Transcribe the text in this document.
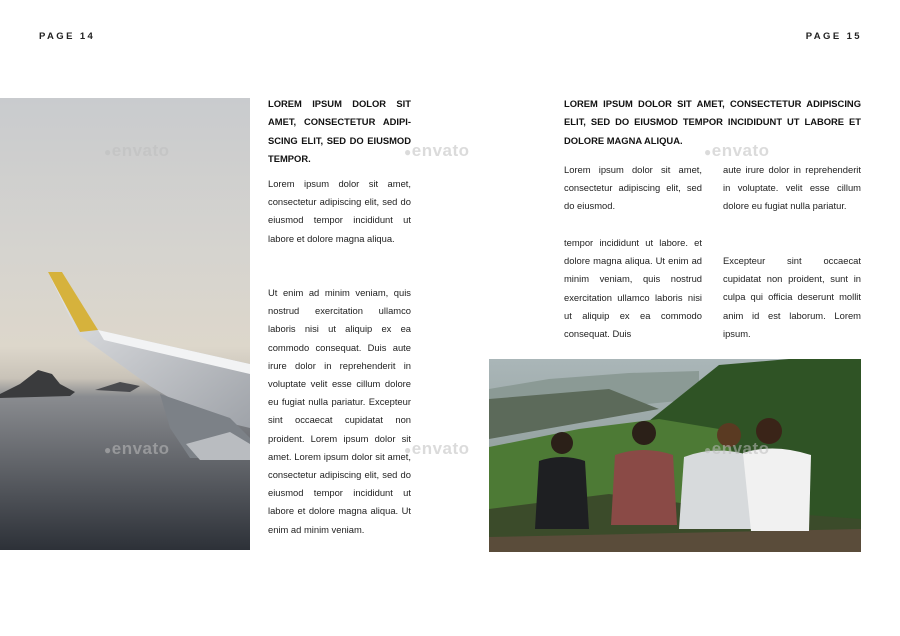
PAGE 14	PAGE 15
● envato	● envato	● envato
● envato	● envato	● envato
LOREM IPSUM DOLOR SIT AMET, CONSECTETUR ADIPI-SCING ELIT, SED DO EIUSMOD TEMPOR.

Lorem ipsum dolor sit amet, consectetur adipiscing elit, sed do eiusmod tempor incididunt ut labore et dolore magna aliqua.

Ut enim ad minim veniam, quis nostrud exercitation ullamco laboris nisi ut aliquip ex ea commodo consequat. Duis aute irure dolor in reprehenderit in voluptate velit esse cillum dolore eu fugiat nulla pariatur. Excepteur sint occaecat cupidatat non proident. Lorem ipsum dolor sit amet. Lorem ipsum dolor sit amet, consectetur adipiscing elit, sed do eiusmod tempor incididunt ut labore et dolore magna aliqua. Ut enim ad minim veniam.

LOREM IPSUM DOLOR SIT AMET, CONSECTETUR ADIPISCING ELIT, SED DO EIUSMOD TEMPOR INCIDIDUNT UT LABORE ET DOLORE MAGNA ALIQUA.

Lorem ipsum dolor sit amet, consectetur adipiscing elit, sed do eiusmod.

tempor incididunt ut labore. et dolore magna aliqua. Ut enim ad minim veniam, quis nostrud exercitation ullamco laboris nisi ut aliquip ex ea commodo consequat. Duis

aute irure dolor in reprehenderit in voluptate. velit esse cillum dolore eu fugiat nulla pariatur.

Excepteur sint occaecat cupidatat non proident, sunt in culpa qui officia deserunt mollit anim id est laborum. Lorem ipsum.
